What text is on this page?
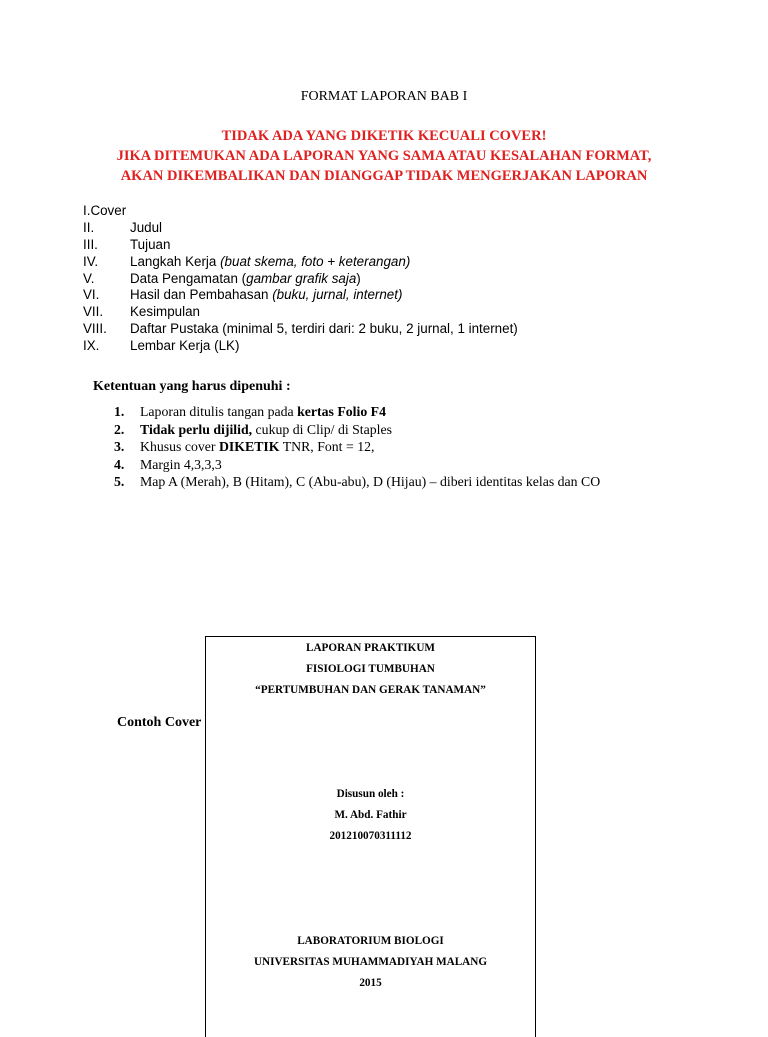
FORMAT LAPORAN BAB I
TIDAK ADA YANG DIKETIK KECUALI COVER!
JIKA DITEMUKAN ADA LAPORAN YANG SAMA ATAU KESALAHAN FORMAT,
AKAN DIKEMBALIKAN DAN DIANGGAP TIDAK MENGERJAKAN LAPORAN
I.Cover
II.	Judul
III. Tujuan
IV. Langkah Kerja (buat skema, foto + keterangan)
V.	Data Pengamatan (gambar grafik saja)
VI. Hasil dan Pembahasan (buku, jurnal, internet)
VII. Kesimpulan
VIII. Daftar Pustaka (minimal 5, terdiri dari: 2 buku, 2 jurnal, 1 internet)
IX. Lembar Kerja (LK)
Ketentuan yang harus dipenuhi :
1. Laporan ditulis tangan pada kertas Folio F4
2. Tidak perlu dijilid, cukup di Clip/ di Staples
3. Khusus cover DIKETIK TNR, Font = 12,
4. Margin 4,3,3,3
5. Map A (Merah), B (Hitam), C (Abu-abu), D (Hijau) – diberi identitas kelas dan CO
Contoh Cover
LAPORAN PRAKTIKUM
FISIOLOGI TUMBUHAN
“PERTUMBUHAN DAN GERAK TANAMAN”
Disusun oleh :
M. Abd. Fathir
201210070311112
LABORATORIUM BIOLOGI
UNIVERSITAS MUHAMMADIYAH MALANG
2015
